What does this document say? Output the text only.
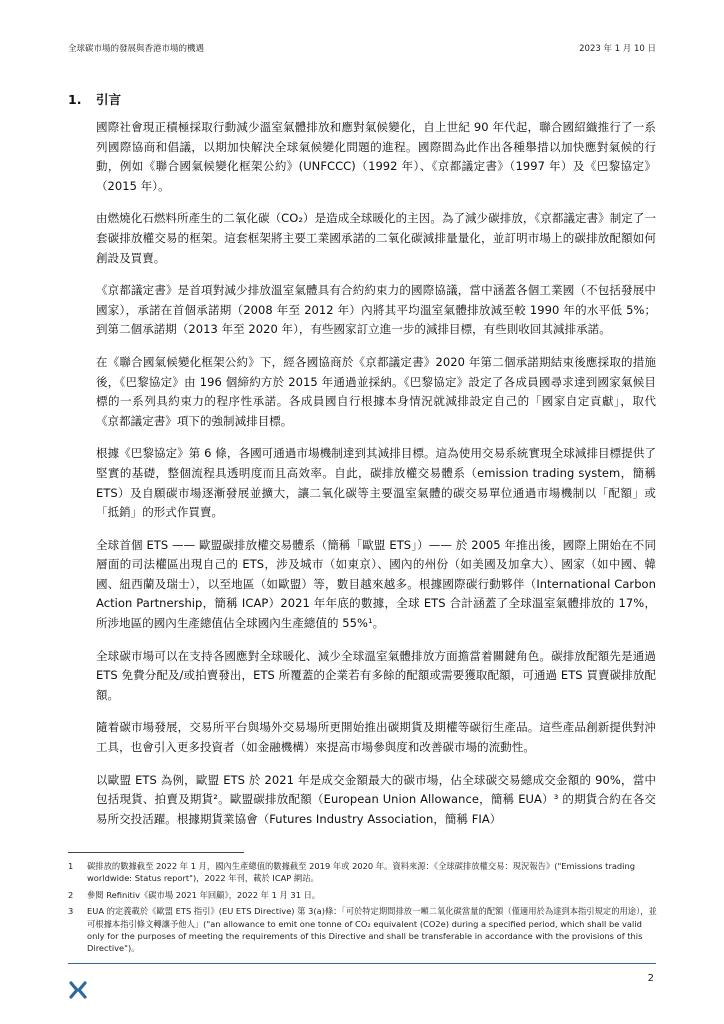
全球碳市場的發展與香港市場的機遇	2023 年 1 月 10 日
1. 引言

國際社會現正積極採取行動減少溫室氣體排放和應對氣候變化，自上世紀 90 年代起，聯合國紹織推行了一系列國際協商和倡議，以期加快解決全球氣候變化問題的進程。國際間為此作出各種舉措以加快應對氣候的行動，例如《聯合國氣候變化框架公約》(UNFCCC)（1992 年）、《京都議定書》（1997 年）及《巴黎協定》（2015 年）。

由燃燒化石燃料所產生的二氧化碳（CO₂）是造成全球暖化的主因。為了減少碳排放，《京都議定書》制定了一套碳排放權交易的框架。這套框架將主要工業國承諾的二氧化碳減排量量化，並訂明市場上的碳排放配額如何創設及買賣。

《京都議定書》是首項對減少排放溫室氣體具有合約約束力的國際協議，當中涵蓋各個工業國（不包括發展中國家），承諾在首個承諾期（2008 年至 2012 年）內將其平均溫室氣體排放減至較 1990 年的水平低 5%；到第二個承諾期（2013 年至 2020 年），有些國家訂立進一步的減排目標，有些則收回其減排承諾。

在《聯合國氣候變化框架公約》下，經各國協商於《京都議定書》2020 年第二個承諾期結束後應採取的措施後，《巴黎協定》由 196 個締約方於 2015 年通過並採納。《巴黎協定》設定了各成員國尋求達到國家氣候目標的一系列具約束力的程序性承諾。各成員國自行根據本身情況就減排設定自己的「國家自定貢獻」，取代《京都議定書》項下的強制減排目標。

根據《巴黎協定》第 6 條，各國可通過市場機制達到其減排目標。這為使用交易系統實現全球減排目標提供了堅實的基礎，整個流程具透明度而且高效率。自此，碳排放權交易體系（emission trading system，簡稱 ETS）及自願碳市場逐漸發展並擴大，讓二氧化碳等主要溫室氣體的碳交易單位通過市場機制以「配額」或「抵銷」的形式作買賣。

全球首個 ETS —— 歐盟碳排放權交易體系（簡稱「歐盟 ETS」）—— 於 2005 年推出後，國際上開始在不同層面的司法權區出現自己的 ETS，涉及城市（如東京）、國內的州份（如美國及加拿大）、國家（如中國、韓國、紐西蘭及瑞士），以至地區（如歐盟）等，數目越來越多。根據國際碳行動夥伴（International Carbon Action Partnership，簡稱 ICAP）2021 年年底的數據，全球 ETS 合計涵蓋了全球溫室氣體排放的 17%，所涉地區的國內生產總值佔全球國內生產總值的 55%¹。

全球碳市場可以在支持各國應對全球暖化、減少全球溫室氣體排放方面擔當着關鍵角色。碳排放配額先是通過 ETS 免費分配及/或拍賣發出，ETS 所覆蓋的企業若有多餘的配額或需要獲取配額，可通過 ETS 買賣碳排放配額。

隨着碳市場發展，交易所平台與場外交易場所更開始推出碳期貨及期權等碳衍生產品。這些產品創新提供對沖工具，也會引入更多投資者（如金融機構）來提高市場參與度和改善碳市場的流動性。

以歐盟 ETS 為例，歐盟 ETS 於 2021 年是成交金額最大的碳市場，佔全球碳交易總成交金額的 90%，當中包括現貨、拍賣及期貨²。歐盟碳排放配額（European Union Allowance，簡稱 EUA）³ 的期貨合約在各交易所交投活躍。根據期貨業協會（Futures Industry Association，簡稱 FIA）

1 碳排放的數據截至 2022 年 1 月，國內生產總值的數據截至 2019 年或 2020 年。資料來源：《全球碳排放權交易：現況報告》("Emissions trading worldwide: Status report")，2022 年刊，載於 ICAP 網站。
2 參閱 Refinitiv《碳市場 2021 年回顧》，2022 年 1 月 31 日。
3 EUA 的定義載於《歐盟 ETS 指引》(EU ETS Directive) 第 3(a)條：「可於特定期間排放一噸二氧化碳當量的配額（僅適用於為達到本指引規定的用途），並可根據本指引條文轉讓予他人」("an allowance to emit one tonne of CO₂ equivalent (CO2e) during a specified period, which shall be valid only for the purposes of meeting the requirements of this Directive and shall be transferable in accordance with the provisions of this Directive")。
2
